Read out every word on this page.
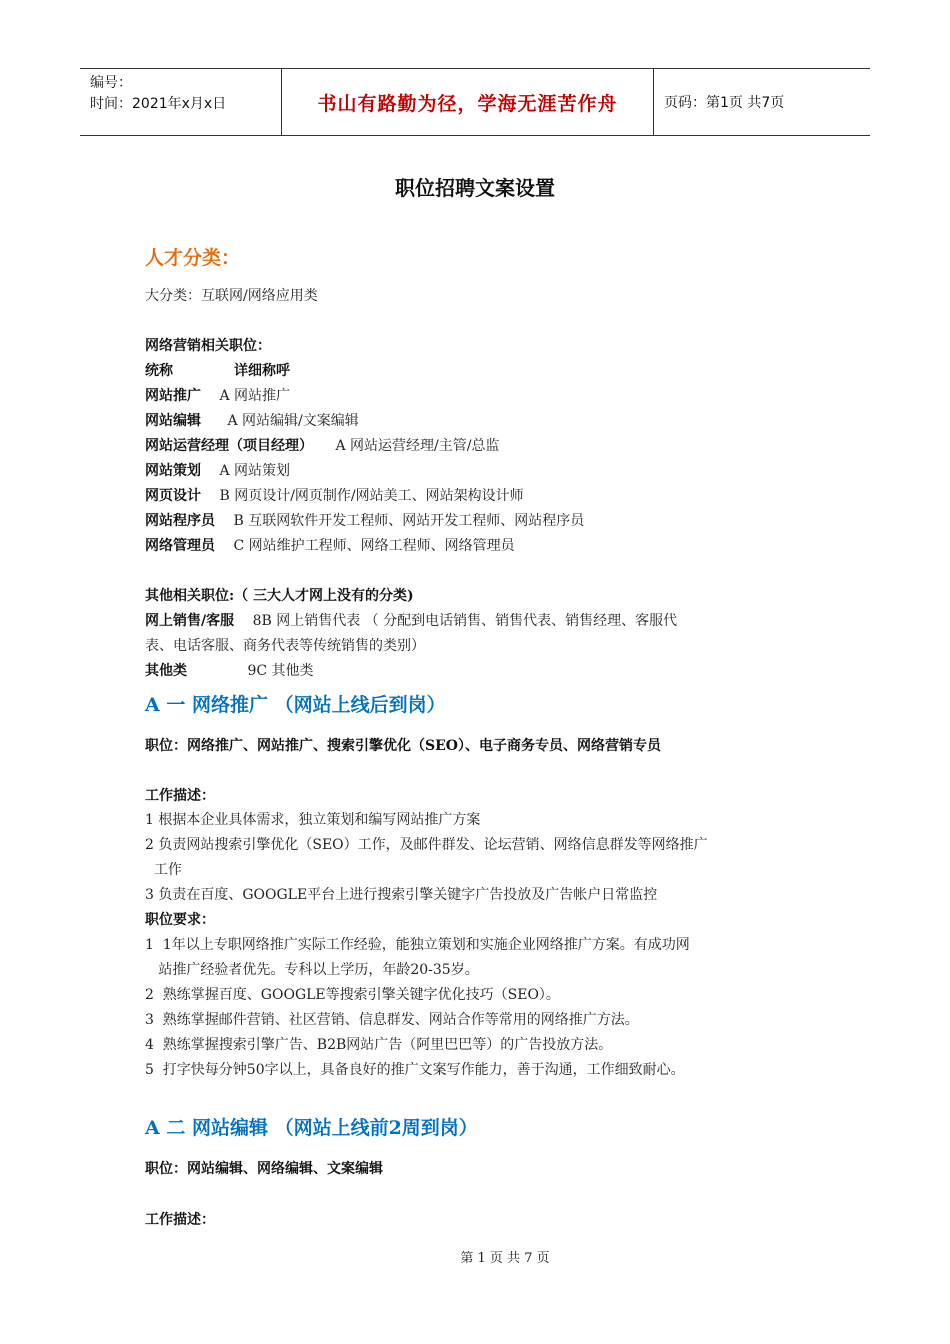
编号：
时间：2021年x月x日	书山有路勤为径，学海无涯苦作舟	页码：第1页 共7页
职位招聘文案设置
人才分类：
大分类：互联网/网络应用类
网络营销相关职位：
统称	详细称呼
网站推广 A 网站推广
网站编辑 A 网站编辑/文案编辑
网站运营经理（项目经理） A 网站运营经理/主管/总监
网站策划 A 网站策划
网页设计 B 网页设计/网页制作/网站美工、网站架构设计师
网站程序员 B 互联网软件开发工程师、网站开发工程师、网站程序员
网络管理员 C 网站维护工程师、网络工程师、网络管理员
其他相关职位:（ 三大人才网上没有的分类)
网上销售/客服 8B 网上销售代表 （ 分配到电话销售、销售代表、销售经理、客服代
表、电话客服、商务代表等传统销售的类别）
其他类	9C 其他类
A 一 网络推广 （网站上线后到岗）
职位：网络推广、网站推广、搜索引擎优化（SEO）、电子商务专员、网络营销专员
工作描述：
1 根据本企业具体需求，独立策划和编写网站推广方案
2 负责网站搜索引擎优化（SEO）工作，及邮件群发、论坛营销、网络信息群发等网络推广
工作
3 负责在百度、GOOGLE平台上进行搜索引擎关键字广告投放及广告帐户日常监控
职位要求：
1  1年以上专职网络推广实际工作经验，能独立策划和实施企业网络推广方案。有成功网
站推广经验者优先。专科以上学历，年龄20-35岁。
2  熟练掌握百度、GOOGLE等搜索引擎关键字优化技巧（SEO）。
3  熟练掌握邮件营销、社区营销、信息群发、网站合作等常用的网络推广方法。
4  熟练掌握搜索引擎广告、B2B网站广告（阿里巴巴等）的广告投放方法。
5  打字快每分钟50字以上，具备良好的推广文案写作能力，善于沟通，工作细致耐心。
A 二 网站编辑 （网站上线前2周到岗）
职位：网站编辑、网络编辑、文案编辑
工作描述：
第 1 页 共 7 页
